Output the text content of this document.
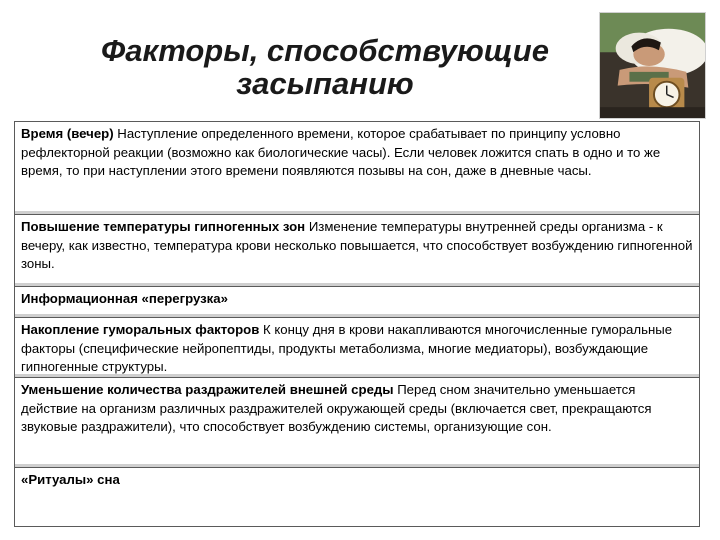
Факторы, способствующие
засыпанию
Время (вечер) Наступление определенного времени, которое срабатывает по принципу условно рефлекторной реакции (возможно как биологические часы). Если человек ложится спать в одно и то же время, то при наступлении этого времени появляются позывы на сон, даже в дневные часы.
Повышение температуры гипногенных зон Изменение температуры внутренней среды организма - к вечеру, как известно, температура крови несколько повышается, что способствует возбуждению гипногенной зоны.
Информационная «перегрузка»
Накопление гуморальных факторов К концу дня в крови накапливаются многочисленные гуморальные факторы (специфические нейропептиды, продукты метаболизма, многие медиаторы), возбуждающие гипногенные структуры.
Уменьшение количества раздражителей внешней среды Перед сном значительно уменьшается действие на организм различных раздражителей окружающей среды (включается свет, прекращаются звуковые раздражители), что способствует возбуждению системы, организующие сон.
«Ритуалы» сна
